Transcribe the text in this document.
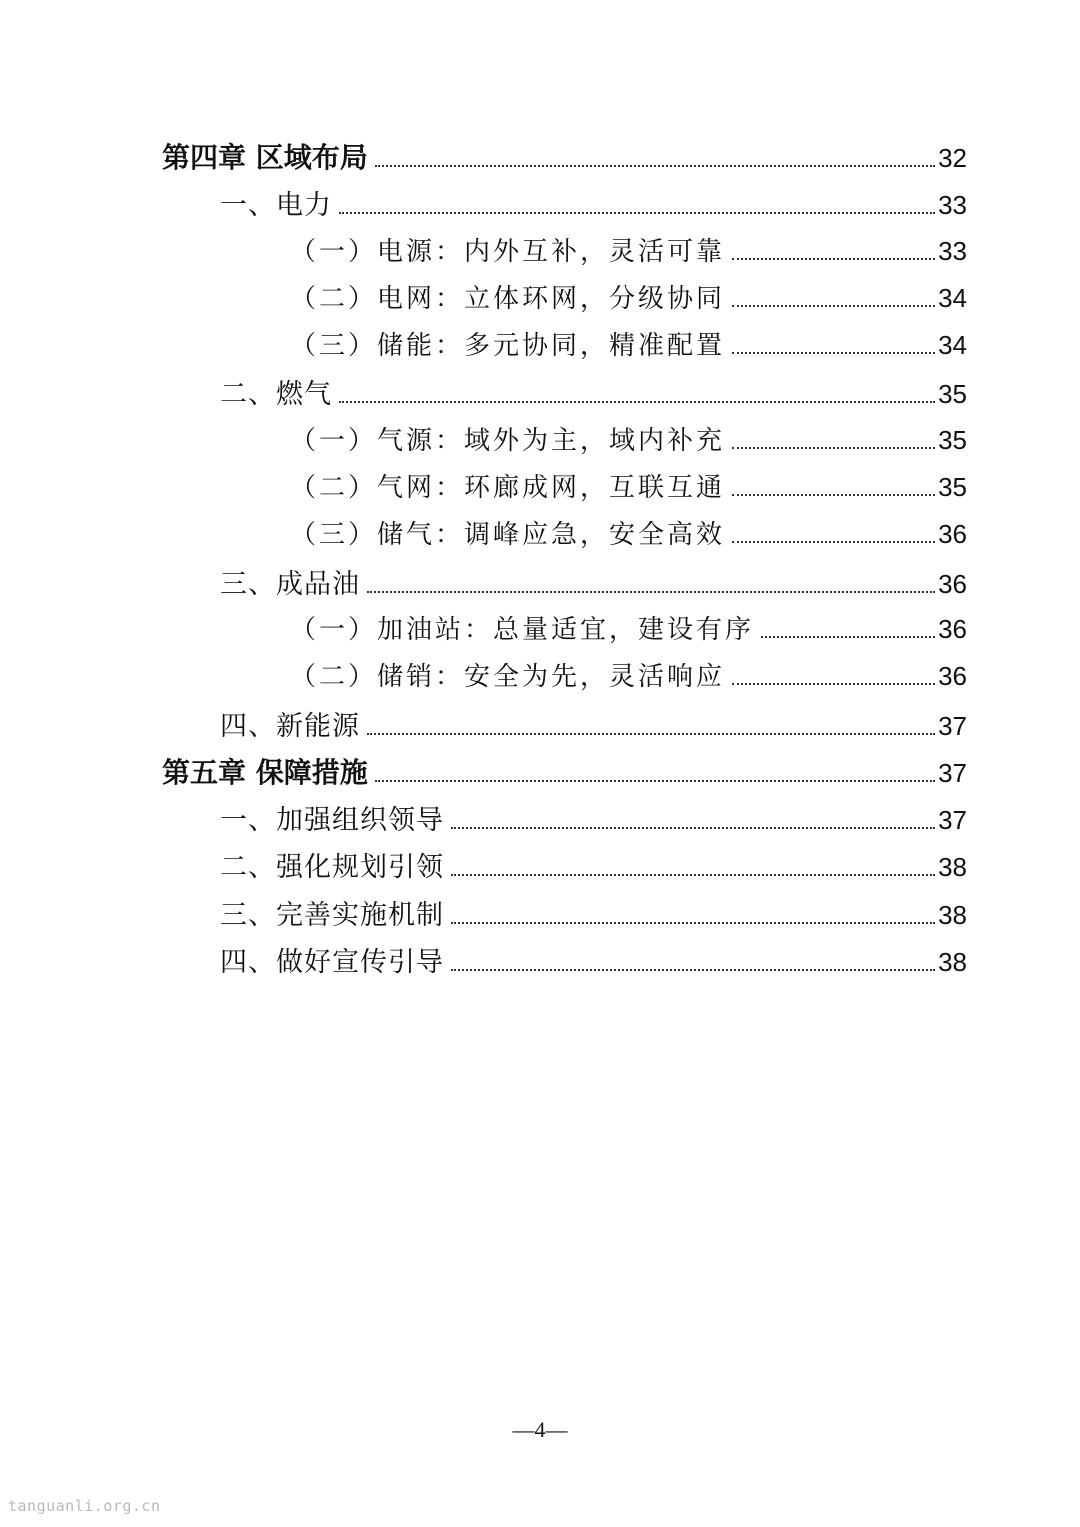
第四章 区域布局	32
一、电力	33
（一）电源：内外互补，灵活可靠	33
（二）电网：立体环网，分级协同	34
（三）储能：多元协同，精准配置	34
二、燃气	35
（一）气源：域外为主，域内补充	35
（二）气网：环廊成网，互联互通	35
（三）储气：调峰应急，安全高效	36
三、成品油	36
（一）加油站：总量适宜，建设有序	36
（二）储销：安全为先，灵活响应	36
四、新能源	37
第五章 保障措施	37
一、加强组织领导	37
二、强化规划引领	38
三、完善实施机制	38
四、做好宣传引导	38
—4—
tanguanli.org.cn
